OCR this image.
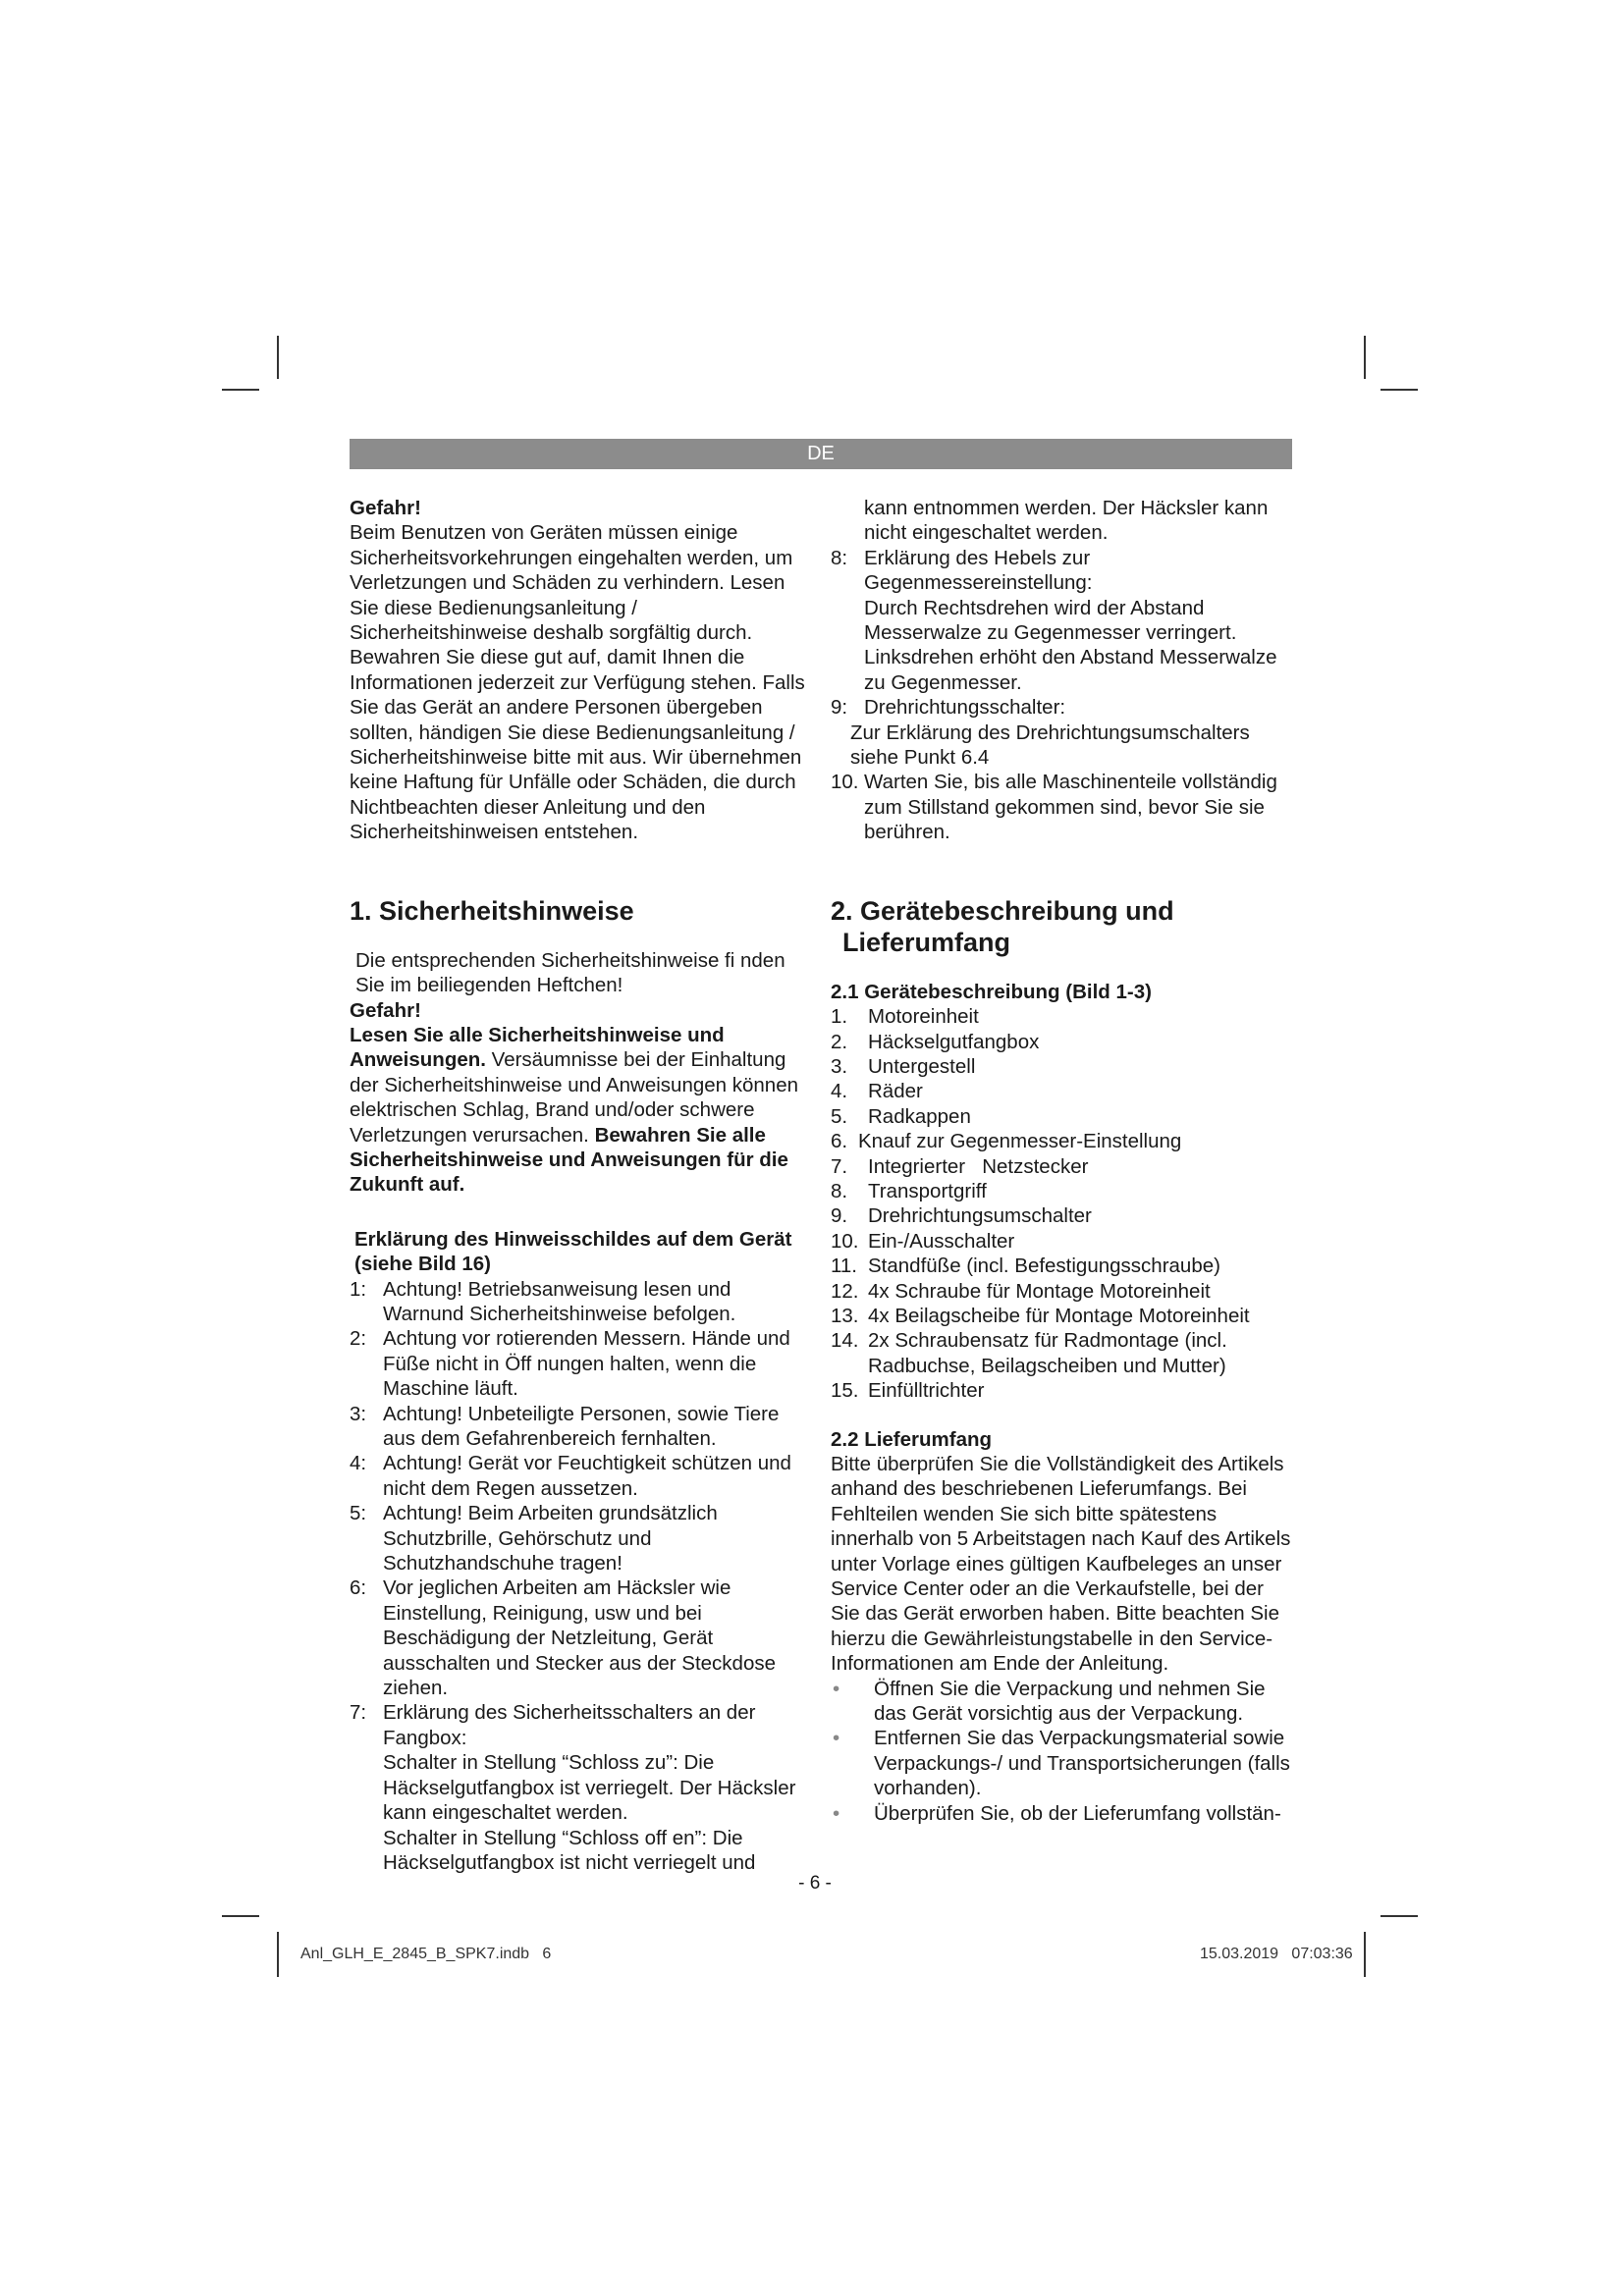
DE

Gefahr!

Beim Benutzen von Geräten müssen einige Sicherheitsvorkehrungen eingehalten werden, um Verletzungen und Schäden zu verhindern. Lesen Sie diese Bedienungsanleitung / Sicherheitshinweise deshalb sorgfältig durch. Bewahren Sie diese gut auf, damit Ihnen die Informationen jederzeit zur Verfügung stehen. Falls Sie das Gerät an andere Personen übergeben sollten, händigen Sie diese Bedienungsanleitung / Sicherheitshinweise bitte mit aus. Wir übernehmen keine Haftung für Unfälle oder Schäden, die durch Nichtbeachten dieser Anleitung und den Sicherheitshinweisen entstehen.

1. Sicherheitshinweise

Die entsprechenden Sicherheitshinweise fi nden Sie im beiliegenden Heftchen!

Gefahr!

Lesen Sie alle Sicherheitshinweise und Anweisungen. Versäumnisse bei der Einhaltung der Sicherheitshinweise und Anweisungen können elektrischen Schlag, Brand und/oder schwere Verletzungen verursachen. Bewahren Sie alle Sicherheitshinweise und Anweisungen für die Zukunft auf.

Erklärung des Hinweisschildes auf dem Gerät (siehe Bild 16)

1: Achtung! Betriebsanweisung lesen und Warnund Sicherheitshinweise befolgen.
2: Achtung vor rotierenden Messern. Hände und Füße nicht in Öff nungen halten, wenn die Maschine läuft.
3: Achtung! Unbeteiligte Personen, sowie Tiere aus dem Gefahrenbereich fernhalten.
4: Achtung! Gerät vor Feuchtigkeit schützen und nicht dem Regen aussetzen.
5: Achtung! Beim Arbeiten grundsätzlich Schutzbrille, Gehörschutz und Schutzhandschuhe tragen!
6: Vor jeglichen Arbeiten am Häcksler wie Einstellung, Reinigung, usw und bei Beschädigung der Netzleitung, Gerät ausschalten und Stecker aus der Steckdose ziehen.
7: Erklärung des Sicherheitsschalters an der Fangbox:

Schalter in Stellung “Schloss zu”: Die Häckselgutfangbox ist verriegelt. Der Häcksler kann eingeschaltet werden.

Schalter in Stellung “Schloss off en”: Die Häckselgutfangbox ist nicht verriegelt und

kann entnommen werden. Der Häcksler kann nicht eingeschaltet werden.

8: Erklärung des Hebels zur Gegenmessereinstellung:

Durch Rechtsdrehen wird der Abstand Messerwalze zu Gegenmesser verringert. Linksdrehen erhöht den Abstand Messerwalze zu Gegenmesser.

9: Drehrichtungsschalter:

Zur Erklärung des Drehrichtungsumschalters siehe Punkt 6.4

10. Warten Sie, bis alle Maschinenteile vollständig zum Stillstand gekommen sind, bevor Sie sie berühren.

2. Gerätebeschreibung und Lieferumfang

2.1 Gerätebeschreibung (Bild 1-3)

1. Motoreinheit
2. Häckselgutfangbox
3. Untergestell
4. Räder
5. Radkappen
6. Knauf zur Gegenmesser-Einstellung
7. Integrierter   Netzstecker
8. Transportgriff
9. Drehrichtungsumschalter
10. Ein-/Ausschalter
11. Standfüße (incl. Befestigungsschraube)
12. 4x Schraube für Montage Motoreinheit
13. 4x Beilagscheibe für Montage Motoreinheit
14. 2x Schraubensatz für Radmontage (incl. Radbuchse, Beilagscheiben und Mutter)
15. Einfülltrichter

2.2 Lieferumfang

Bitte überprüfen Sie die Vollständigkeit des Artikels anhand des beschriebenen Lieferumfangs. Bei Fehlteilen wenden Sie sich bitte spätestens innerhalb von 5 Arbeitstagen nach Kauf des Artikels unter Vorlage eines gültigen Kaufbeleges an unser Service Center oder an die Verkaufstelle, bei der Sie das Gerät erworben haben. Bitte beachten Sie hierzu die Gewährleistungstabelle in den Service-Informationen am Ende der Anleitung.

• Öffnen Sie die Verpackung und nehmen Sie das Gerät vorsichtig aus der Verpackung.
• Entfernen Sie das Verpackungsmaterial sowie Verpackungs-/ und Transportsicherungen (falls vorhanden).
• Überprüfen Sie, ob der Lieferumfang vollstän-
- 6 -
Anl_GLH_E_2845_B_SPK7.indb   6	15.03.2019   07:03:36
